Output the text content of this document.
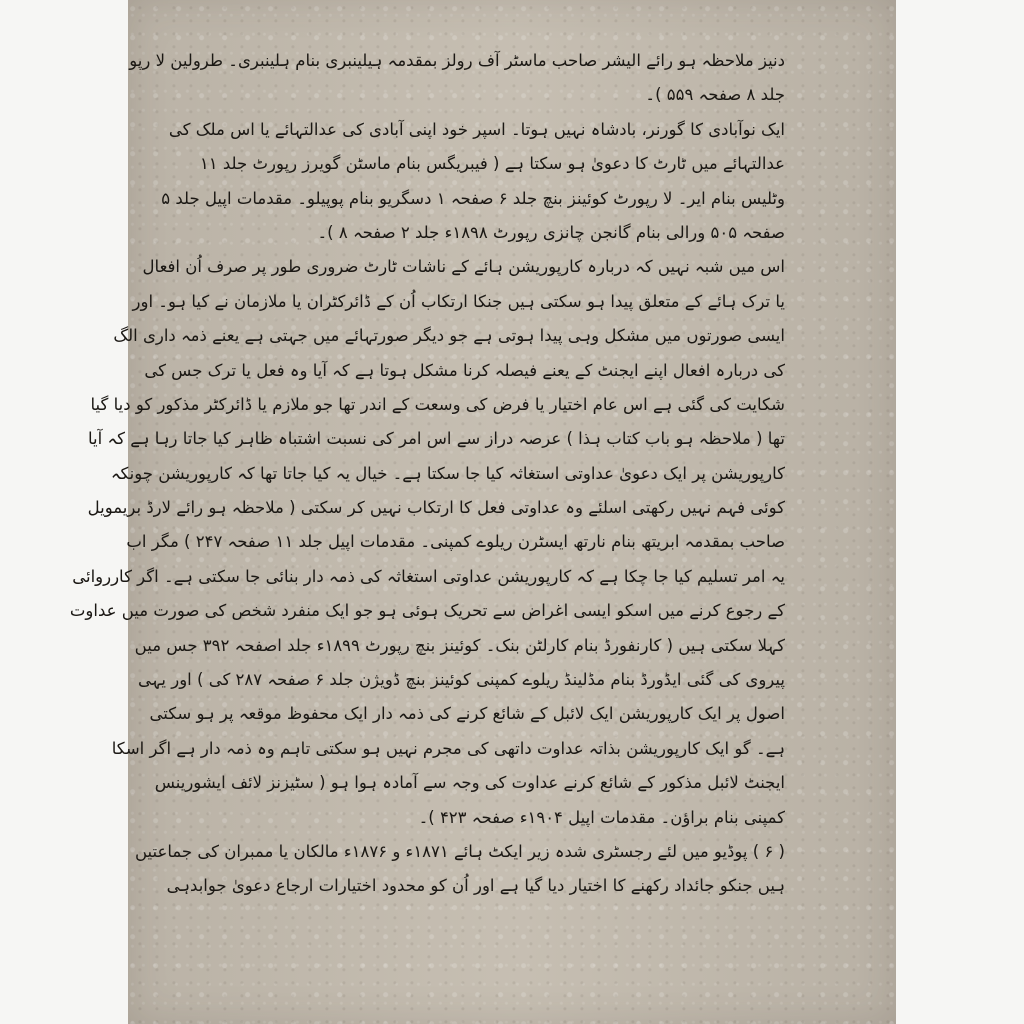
دنیز ملاحظہ ہو رائے الیشر صاحب ماسٹر آف رولز بمقدمہ ہیلینبری بنام ہلینبری۔ طرولین لا رپو
جلد ۸ صفحہ ۵۵۹ )۔
ایک نوآبادی کا گورنر، بادشاہ نہیں ہوتا۔ اسپر خود اپنی آبادی کی عدالتہائے یا اس ملک کی
عدالتہائے میں ٹارٹ کا دعویٰ ہو سکتا ہے ( فیبریگس بنام ماسٹن گویرز رپورٹ جلد ۱۱
وٹلیس بنام ایر۔ لا رپورٹ کوئینز بنچ جلد ۶ صفحہ ۱ دسگریو بنام پوپیلو۔ مقدمات اپیل جلد ۵
صفحہ ۵۰۵ ورالی بنام گانجن چانزی رپورٹ ۱۸۹۸ء جلد ۲ صفحہ ۸ )۔
اس میں شبہ نہیں کہ دربارہ کارپوریشن ہائے کے ناشات ٹارٹ ضروری طور پر صرف اُن افعال
یا ترک ہائے کے متعلق پیدا ہو سکتی ہیں جنکا ارتکاب اُن کے ڈائرکٹران یا ملازمان نے کیا ہو۔ اور
ایسی صورتوں میں مشکل وہی پیدا ہوتی ہے جو دیگر صورتہائے میں جہتی ہے یعنے ذمہ داری الگ
کی دربارہ افعال اپنے ایجنٹ کے یعنے فیصلہ کرنا مشکل ہوتا ہے کہ آیا وہ فعل یا ترک جس کی
شکایت کی گئی ہے اس عام اختیار یا فرض کی وسعت کے اندر تھا جو ملازم یا ڈائرکٹر مذکور کو دیا گیا
تھا ( ملاحظہ ہو باب کتاب ہذا ) عرصہ دراز سے اس امر کی نسبت اشتباہ ظاہر کیا جاتا رہا ہے کہ آیا
کارپوریشن پر ایک دعویٰ عداوتی استغاثہ کیا جا سکتا ہے۔ خیال یہ کیا جاتا تھا کہ کارپوریشن چونکہ
کوئی فہم نہیں رکھتی اسلئے وہ عداوتی فعل کا ارتکاب نہیں کر سکتی ( ملاحظہ ہو رائے لارڈ بریمویل
صاحب بمقدمہ ابریتھ بنام نارتھ ایسٹرن ریلوے کمپنی۔ مقدمات اپیل جلد ۱۱ صفحہ ۲۴۷ ) مگر اب
یہ امر تسلیم کیا جا چکا ہے کہ کارپوریشن عداوتی استغاثہ کی ذمہ دار بنائی جا سکتی ہے۔ اگر کارروائی
کے رجوع کرنے میں اسکو ایسی اغراض سے تحریک ہوئی ہو جو ایک منفرد شخص کی صورت میں عداوت
کہلا سکتی ہیں ( کارنفورڈ بنام کارلٹن بنک۔ کوئینز بنچ رپورٹ ۱۸۹۹ء جلد اصفحہ ۳۹۲ جس میں
پیروی کی گئی ایڈورڈ بنام مڈلینڈ ریلوے کمپنی کوئینز بنچ ڈویژن جلد ۶ صفحہ ۲۸۷ کی ) اور یہی
اصول پر ایک کارپوریشن ایک لائبل کے شائع کرنے کی ذمہ دار ایک محفوظ موقعہ پر ہو سکتی
ہے۔ گو ایک کارپوریشن بذاتہ عداوت داتھی کی مجرم نہیں ہو سکتی تاہم وہ ذمہ دار ہے اگر اسکا
ایجنٹ لائبل مذکور کے شائع کرنے عداوت کی وجہ سے آمادہ ہوا ہو ( سٹیزنز لائف ایشورینس
کمپنی بنام براؤن۔ مقدمات اپیل ۱۹۰۴ء صفحہ ۴۲۳ )۔
( ۶ ) پوڈیو میں لئے رجسٹری شدہ زیر ایکٹ ہائے ۱۸۷۱ء و ۱۸۷۶ء مالکان یا ممبران کی جماعتیں
ہیں جنکو جائداد رکھنے کا اختیار دیا گیا ہے اور اُن کو محدود اختیارات ارجاع دعویٰ جوابدہی
